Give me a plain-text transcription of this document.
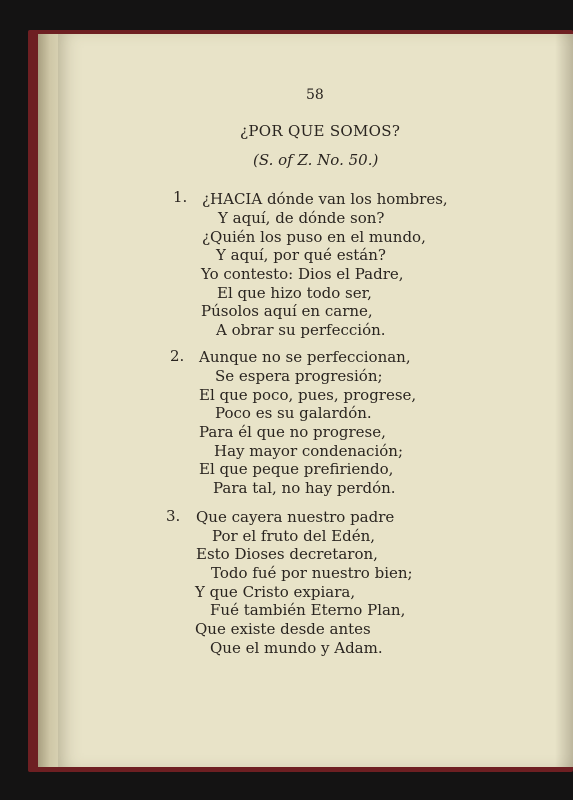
58
¿POR QUE SOMOS?
(S. of Z. No. 50.)
1. ¿HACIA dónde van los hombres,
Y aquí, de dónde son?
¿Quién los puso en el mundo,
Y aquí, por qué están?
Yo contesto: Dios el Padre,
El que hizo todo ser,
Púsolos aquí en carne,
A obrar su perfección.
2. Aunque no se perfeccionan,
Se espera progresión;
El que poco, pues, progrese,
Poco es su galardón.
Para él que no progrese,
Hay mayor condenación;
El que peque prefiriendo,
Para tal, no hay perdón.
3. Que cayera nuestro padre
Por el fruto del Edén,
Esto Dioses decretaron,
Todo fué por nuestro bien;
Y que Cristo expiara,
Fué también Eterno Plan,
Que existe desde antes
Que el mundo y Adam.
